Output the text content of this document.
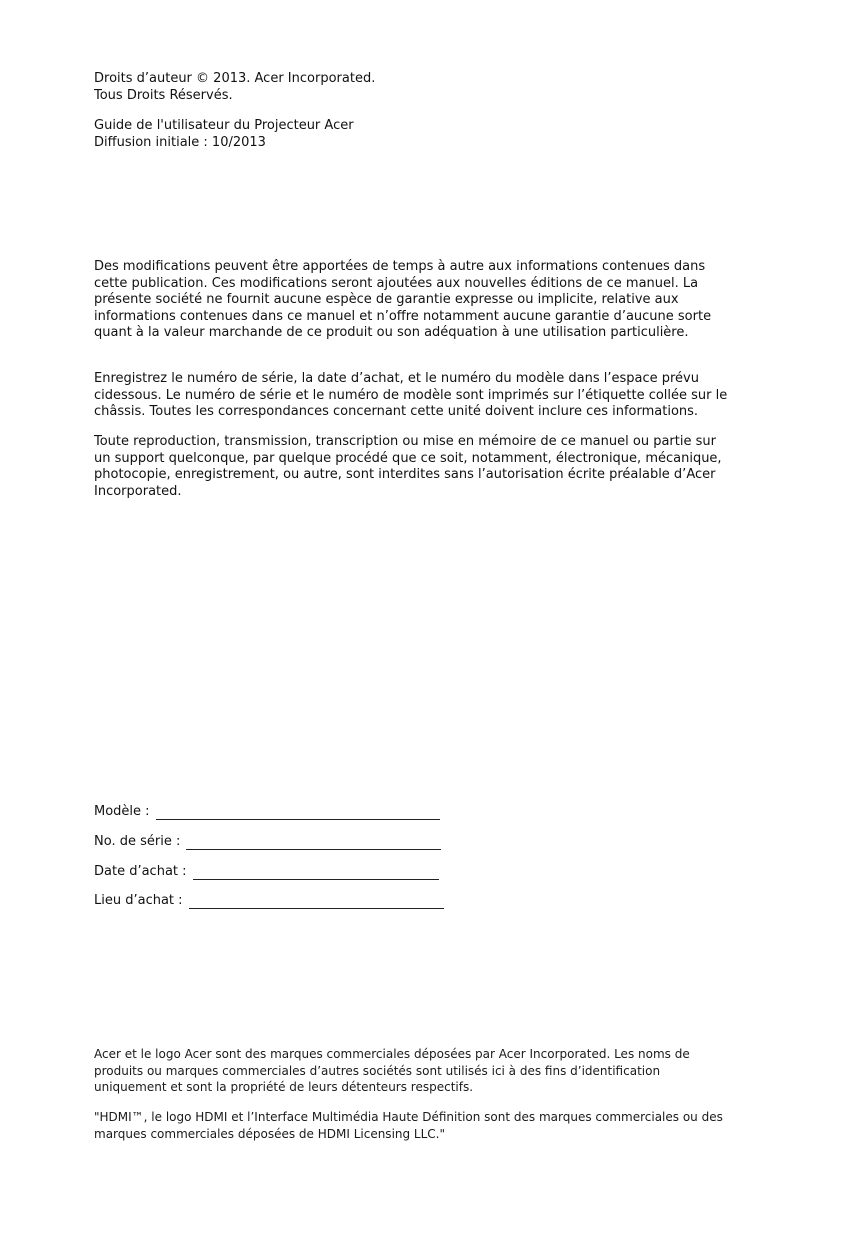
Droits d’auteur © 2013. Acer Incorporated.
Tous Droits Réservés.
Guide de l'utilisateur du Projecteur Acer
Diffusion initiale : 10/2013

Des modifications peuvent être apportées de temps à autre aux informations contenues dans cette publication. Ces modifications seront ajoutées aux nouvelles éditions de ce manuel. La présente société ne fournit aucune espèce de garantie expresse ou implicite, relative aux informations contenues dans ce manuel et n’offre notamment aucune garantie d’aucune sorte quant à la valeur marchande de ce produit ou son adéquation à une utilisation particulière.

Enregistrez le numéro de série, la date d’achat, et le numéro du modèle dans l’espace prévu cidessous. Le numéro de série et le numéro de modèle sont imprimés sur l’étiquette collée sur le châssis. Toutes les correspondances concernant cette unité doivent inclure ces informations.

Toute reproduction, transmission, transcription ou mise en mémoire de ce manuel ou partie sur un support quelconque, par quelque procédé que ce soit, notamment, électronique, mécanique, photocopie, enregistrement, ou autre, sont interdites sans l’autorisation écrite préalable d’Acer Incorporated.

Modèle :
No. de série :
Date d’achat :
Lieu d’achat :

Acer et le logo Acer sont des marques commerciales déposées par Acer Incorporated. Les noms de produits ou marques commerciales d’autres sociétés sont utilisés ici à des fins d’identification uniquement et sont la propriété de leurs détenteurs respectifs.

"HDMI™, le logo HDMI et l’Interface Multimédia Haute Définition sont des marques commerciales ou des marques commerciales déposées de HDMI Licensing LLC."
